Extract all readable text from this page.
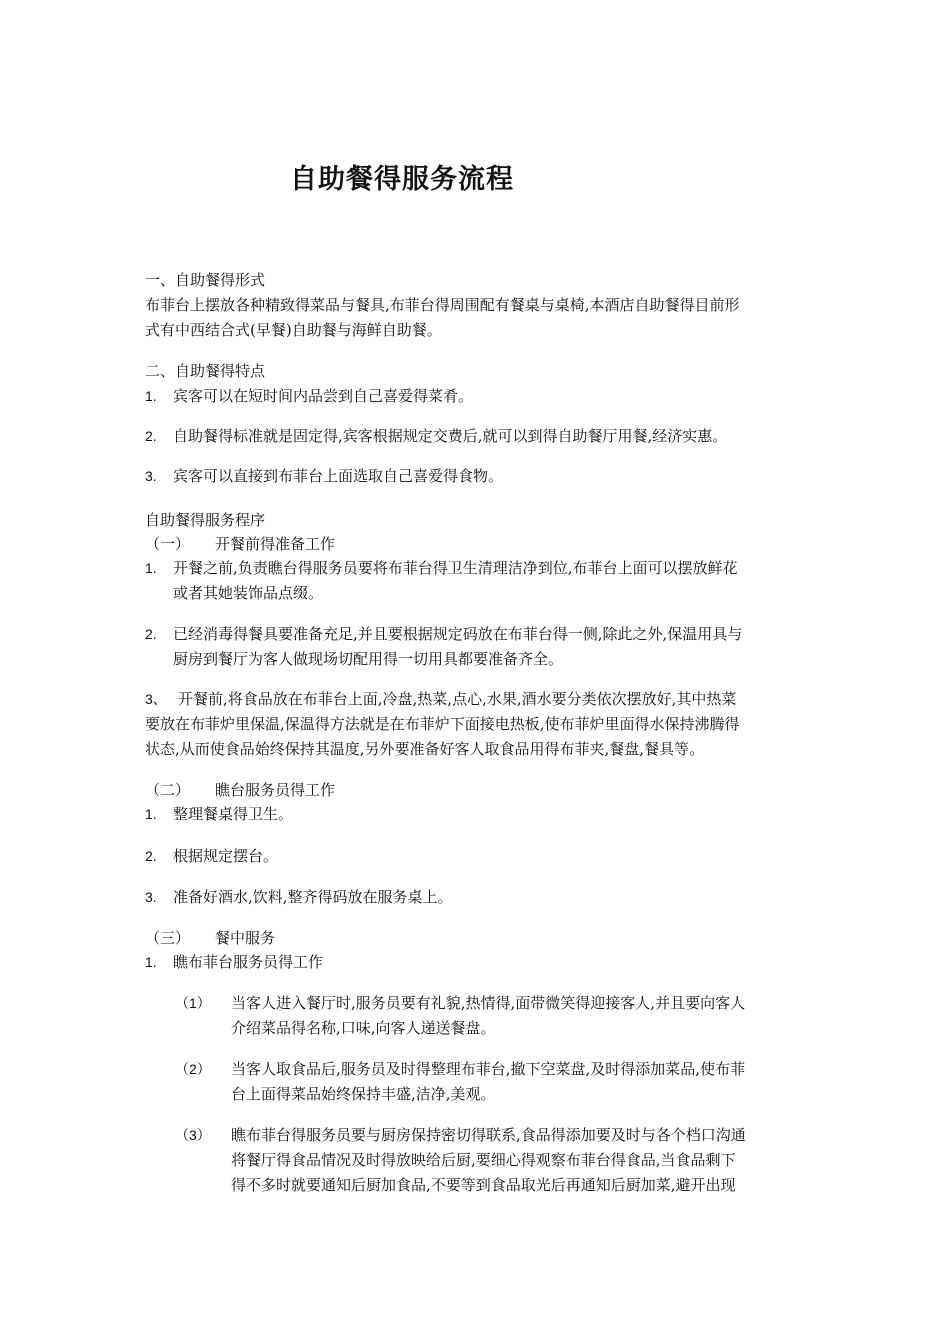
自助餐得服务流程
一、自助餐得形式
布菲台上摆放各种精致得菜品与餐具,布菲台得周围配有餐桌与桌椅,本酒店自助餐得目前形
式有中西结合式(早餐)自助餐与海鲜自助餐。
二、自助餐得特点
1. 宾客可以在短时间内品尝到自己喜爱得菜肴。
2. 自助餐得标准就是固定得,宾客根据规定交费后,就可以到得自助餐厅用餐,经济实惠。
3. 宾客可以直接到布菲台上面选取自己喜爱得食物。
自助餐得服务程序
（一） 开餐前得准备工作
1. 开餐之前,负责瞧台得服务员要将布菲台得卫生清理洁净到位,布菲台上面可以摆放鲜花
或者其她装饰品点缀。
2. 已经消毒得餐具要准备充足,并且要根据规定码放在布菲台得一侧,除此之外,保温用具与
厨房到餐厅为客人做现场切配用得一切用具都要准备齐全。
3、 开餐前,将食品放在布菲台上面,冷盘,热菜,点心,水果,酒水要分类依次摆放好,其中热菜
要放在布菲炉里保温,保温得方法就是在布菲炉下面接电热板,使布菲炉里面得水保持沸腾得
状态,从而使食品始终保持其温度,另外要准备好客人取食品用得布菲夹,餐盘,餐具等。
（二） 瞧台服务员得工作
1. 整理餐桌得卫生。
2. 根据规定摆台。
3. 准备好酒水,饮料,整齐得码放在服务桌上。
（三） 餐中服务
1. 瞧布菲台服务员得工作
（1） 当客人进入餐厅时,服务员要有礼貌,热情得,面带微笑得迎接客人,并且要向客人
介绍菜品得名称,口味,向客人递送餐盘。
（2） 当客人取食品后,服务员及时得整理布菲台,撤下空菜盘,及时得添加菜品,使布菲
台上面得菜品始终保持丰盛,洁净,美观。
（3） 瞧布菲台得服务员要与厨房保持密切得联系,食品得添加要及时与各个档口沟通
将餐厅得食品情况及时得放映给后厨,要细心得观察布菲台得食品,当食品剩下
得不多时就要通知后厨加食品,不要等到食品取光后再通知后厨加菜,避开出现
